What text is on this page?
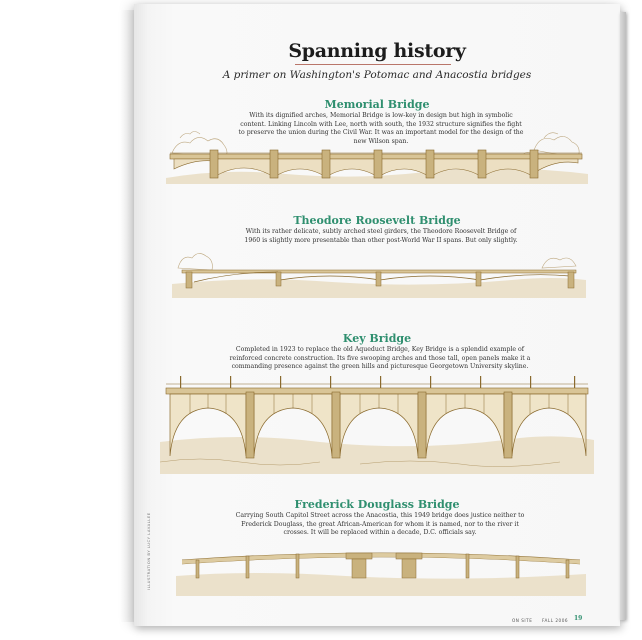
Spanning history

A primer on Washington's Potomac and Anacostia bridges

Memorial Bridge

With its dignified arches, Memorial Bridge is low-key in design but high in symbolic content. Linking Lincoln with Lee, north with south, the 1932 structure signifies the fight to preserve the union during the Civil War. It was an important model for the design of the new Wilson span.

Theodore Roosevelt Bridge

With its rather delicate, subtly arched steel girders, the Theodore Roosevelt Bridge of 1960 is slightly more presentable than other post-World War II spans. But only slightly.

Key Bridge

Completed in 1923 to replace the old Aqueduct Bridge, Key Bridge is a splendid example of reinforced concrete construction. Its five swooping arches and those tall, open panels make it a commanding presence against the green hills and picturesque Georgetown University skyline.

Frederick Douglass Bridge

Carrying South Capitol Street across the Anacostia, this 1949 bridge does justice neither to Frederick Douglass, the great African-American for whom it is named, nor to the river it crosses. It will be replaced within a decade, D.C. officials say.

ILLUSTRATION BY LUCY LAVALLEE
ON SITE FALL 2006 19
